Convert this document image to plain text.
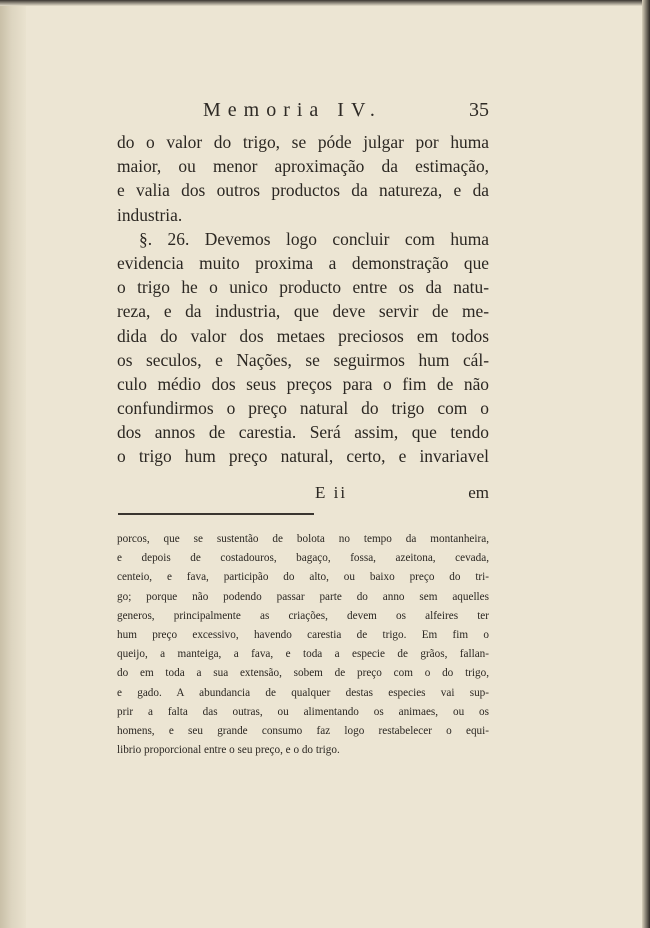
Memoria IV.	35
do o valor do trigo, se póde julgar por huma
maior, ou menor aproximação da estimação,
e valia dos outros productos da natureza, e da
industria.
§. 26. Devemos logo concluir com huma
evidencia muito proxima a demonstração que
o trigo he o unico producto entre os da natu-
reza, e da industria, que deve servir de me-
dida do valor dos metaes preciosos em todos
os seculos, e Nações, se seguirmos hum cál-
culo médio dos seus preços para o fim de não
confundirmos o preço natural do trigo com o
dos annos de carestia. Será assim, que tendo
o trigo hum preço natural, certo, e invariavel
E ii	em
porcos, que se sustentão de bolota no tempo da montanheira,
e depois de costadouros, bagaço, fossa, azeitona, cevada,
centeio, e fava, participão do alto, ou baixo preço do tri-
go; porque não podendo passar parte do anno sem aquelles
generos, principalmente as criações, devem os alfeires ter
hum preço excessivo, havendo carestia de trigo. Em fim o
queijo, a manteiga, a fava, e toda a especie de grãos, fallan-
do em toda a sua extensão, sobem de preço com o do trigo,
e gado. A abundancia de qualquer destas especies vai sup-
prir a falta das outras, ou alimentando os animaes, ou os
homens, e seu grande consumo faz logo restabelecer o equi-
librio proporcional entre o seu preço, e o do trigo.
